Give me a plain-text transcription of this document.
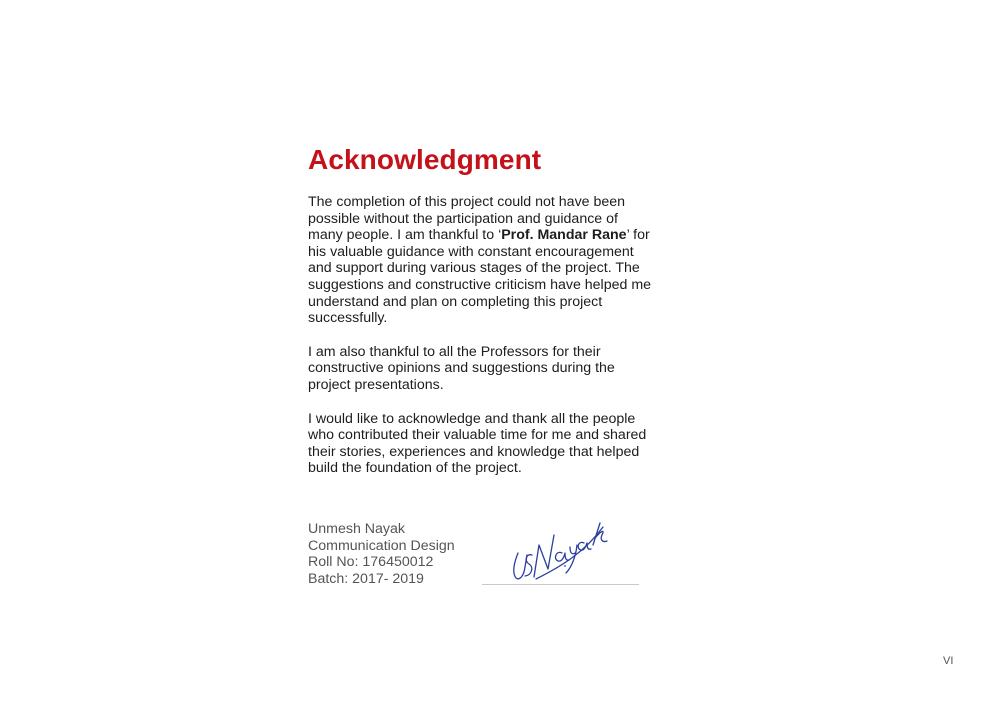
Acknowledgment

The completion of this project could not have been possible without the participation and guidance of many people. I am thankful to ‘Prof. Mandar Rane’ for his valuable guidance with constant encouragement and support during various stages of the project. The suggestions and constructive criticism have helped me understand and plan on completing this project successfully.

I am also thankful to all the Professors for their constructive opinions and suggestions during the project presentations.

I would like to acknowledge and thank all the people who contributed their valuable time for me and shared their stories, experiences and knowledge that helped build the foundation of the project.

Unmesh Nayak
Communication Design
Roll No: 176450012
Batch: 2017- 2019
VI
